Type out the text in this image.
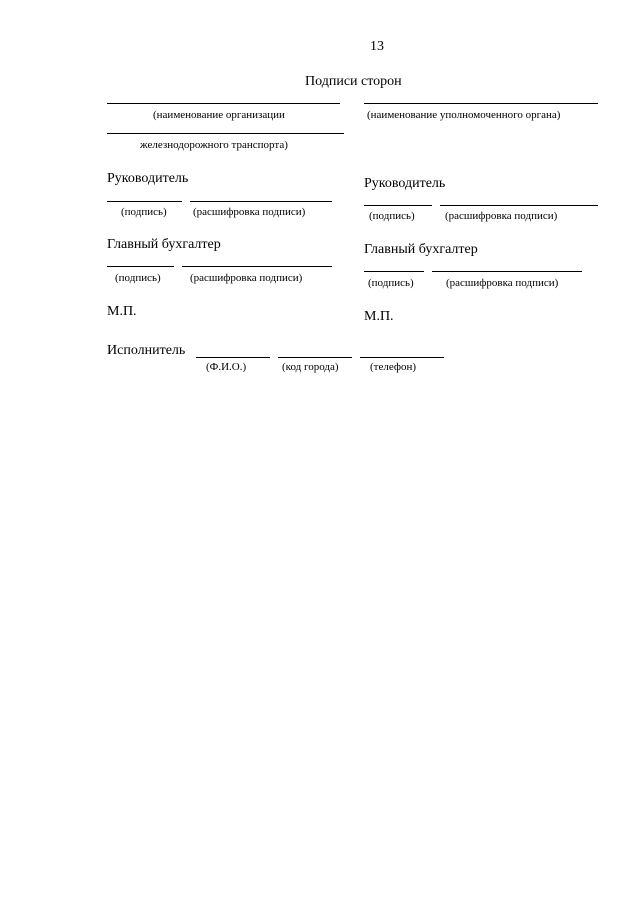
13
Подписи сторон
(наименование организации
железнодорожного транспорта)
Руководитель
(подпись) (расшифровка подписи)
Главный бухгалтер
(подпись)	(расшифровка подписи)
М.П.
(наименование уполномоченного органа)
Руководитель
(подпись)	(расшифровка подписи)
Главный бухгалтер
(подпись)	(расшифровка подписи)
М.П.
Исполнитель
(Ф.И.О.)	(код города)	(телефон)
